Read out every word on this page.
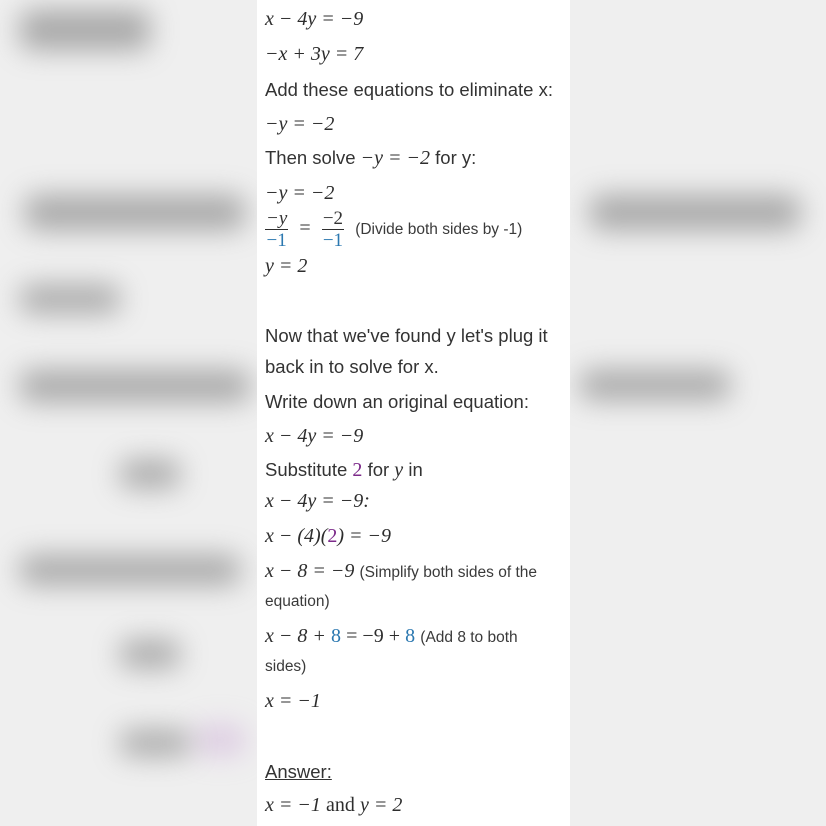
x − 4y = −9
−x + 3y = 7
Add these equations to eliminate x:
−y = −2
Then solve −y = −2 for y:
−y = −2
$\frac{-y}{-1} = \frac{-2}{-1}$ (Divide both sides by -1)
y = 2
Now that we've found y let's plug it
back in to solve for x.
Write down an original equation:
x − 4y = −9
Substitute 2 for y in
x − 4y = −9:
x − (4)(2) = −9
x − 8 = −9 (Simplify both sides of the
equation)
x − 8 + 8 = −9 + 8 (Add 8 to both
sides)
x = −1
Answer:
x = −1 and y = 2
